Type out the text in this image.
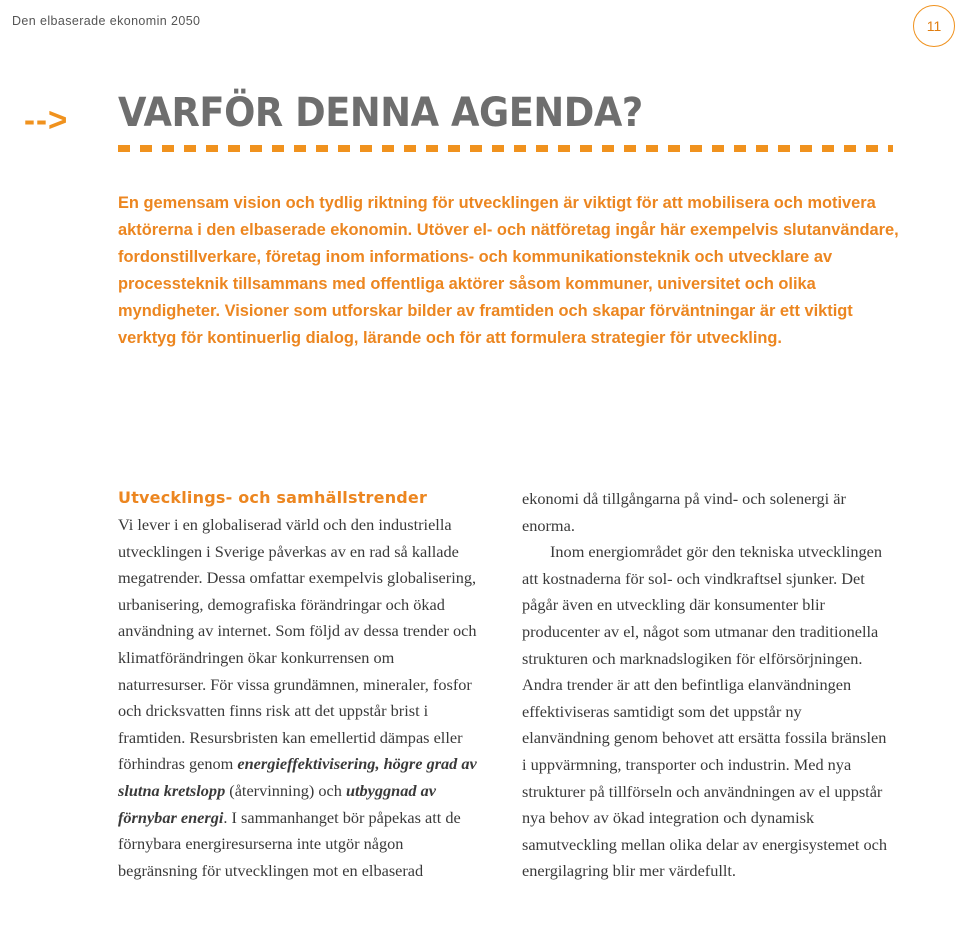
Den elbaserade ekonomin 2050	11
--> VARFÖR DENNA AGENDA?

En gemensam vision och tydlig riktning för utvecklingen är viktigt för att mobilisera och motivera aktörerna i den elbaserade ekonomin. Utöver el- och nätföretag ingår här exempelvis slutanvändare, fordonstillverkare, företag inom informations- och kommunikationsteknik och utvecklare av processteknik tillsammans med offentliga aktörer såsom kommuner, universitet och olika myndigheter. Visioner som utforskar bilder av framtiden och skapar förväntningar är ett viktigt verktyg för kontinuerlig dialog, lärande och för att formulera strategier för utveckling.

Utvecklings- och samhällstrender

Vi lever i en globaliserad värld och den industriella utvecklingen i Sverige påverkas av en rad så kallade megatrender. Dessa omfattar exempelvis globalisering, urbanisering, demografiska förändringar och ökad användning av internet. Som följd av dessa trender och klimatförändringen ökar konkurrensen om naturresurser. För vissa grundämnen, mineraler, fosfor och dricksvatten finns risk att det uppstår brist i framtiden. Resursbristen kan emellertid dämpas eller förhindras genom energieffektivisering, högre grad av slutna kretslopp (återvinning) och utbyggnad av förnybar energi. I sammanhanget bör påpekas att de förnybara energiresurserna inte utgör någon begränsning för utvecklingen mot en elbaserad

ekonomi då tillgångarna på vind- och solenergi är enorma.

Inom energiområdet gör den tekniska utvecklingen att kostnaderna för sol- och vindkraftsel sjunker. Det pågår även en utveckling där konsumenter blir producenter av el, något som utmanar den traditionella strukturen och marknadslogiken för elförsörjningen. Andra trender är att den befintliga elanvändningen effektiviseras samtidigt som det uppstår ny elanvändning genom behovet att ersätta fossila bränslen i uppvärmning, transporter och industrin. Med nya strukturer på tillförseln och användningen av el uppstår nya behov av ökad integration och dynamisk samutveckling mellan olika delar av energisystemet och energilagring blir mer värdefullt.
